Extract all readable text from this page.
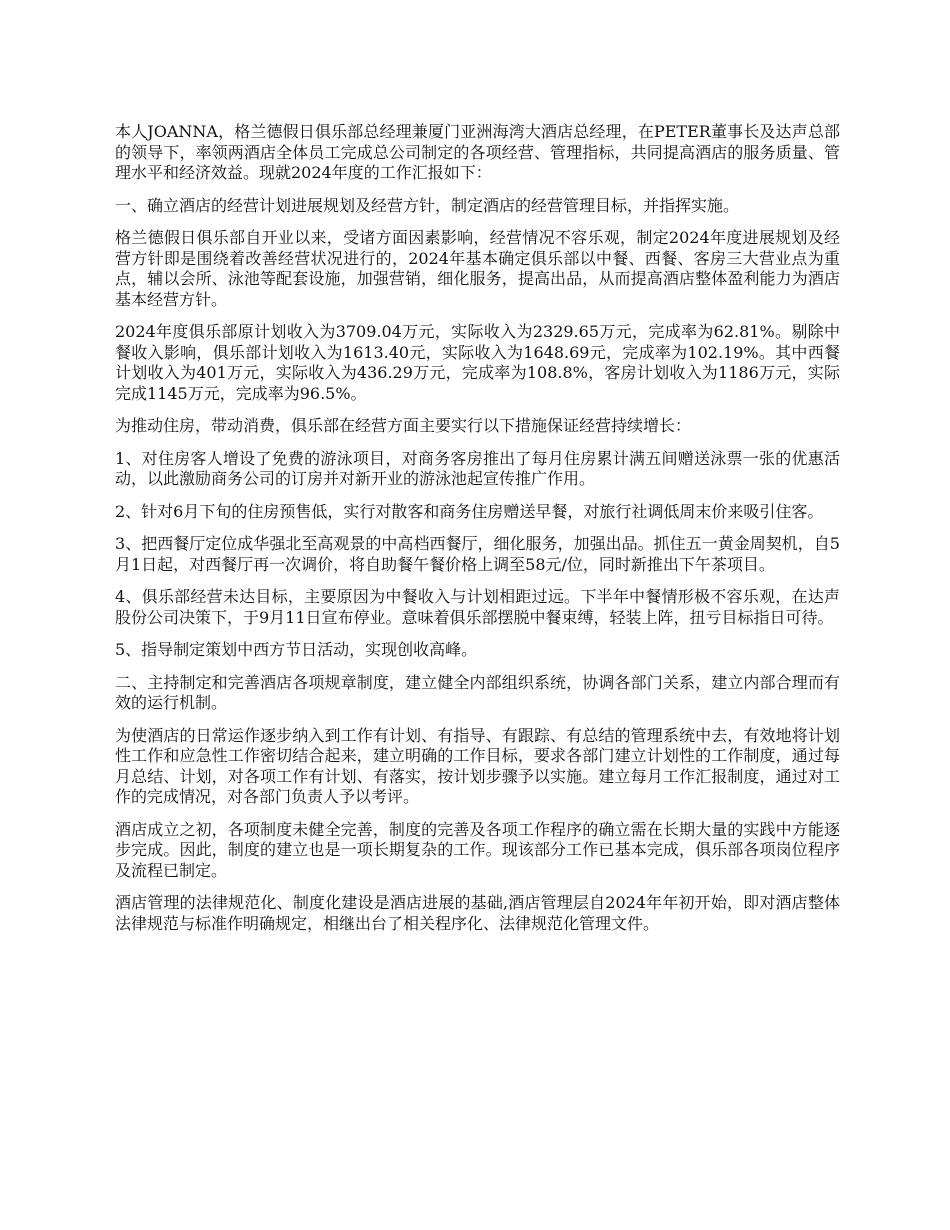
本人JOANNA，格兰德假日俱乐部总经理兼厦门亚洲海湾大酒店总经理，在PETER董事长及达声总部的领导下，率领两酒店全体员工完成总公司制定的各项经营、管理指标，共同提高酒店的服务质量、管理水平和经济效益。现就2024年度的工作汇报如下：

一、确立酒店的经营计划进展规划及经营方针，制定酒店的经营管理目标，并指挥实施。

格兰德假日俱乐部自开业以来，受诸方面因素影响，经营情况不容乐观，制定2024年度进展规划及经营方针即是围绕着改善经营状况进行的，2024年基本确定俱乐部以中餐、西餐、客房三大营业点为重点，辅以会所、泳池等配套设施，加强营销，细化服务，提高出品，从而提高酒店整体盈利能力为酒店基本经营方针。

2024年度俱乐部原计划收入为3709.04万元，实际收入为2329.65万元，完成率为62.81%。剔除中餐收入影响，俱乐部计划收入为1613.40元，实际收入为1648.69元，完成率为102.19%。其中西餐计划收入为401万元，实际收入为436.29万元，完成率为108.8%，客房计划收入为1186万元，实际完成1145万元，完成率为96.5%。

为推动住房，带动消费，俱乐部在经营方面主要实行以下措施保证经营持续增长：

1、对住房客人增设了免费的游泳项目，对商务客房推出了每月住房累计满五间赠送泳票一张的优惠活动，以此激励商务公司的订房并对新开业的游泳池起宣传推广作用。

2、针对6月下旬的住房预售低，实行对散客和商务住房赠送早餐，对旅行社调低周末价来吸引住客。

3、把西餐厅定位成华强北至高观景的中高档西餐厅，细化服务，加强出品。抓住五一黄金周契机，自5月1日起，对西餐厅再一次调价，将自助餐午餐价格上调至58元/位，同时新推出下午茶项目。

4、俱乐部经营未达目标，主要原因为中餐收入与计划相距过远。下半年中餐情形极不容乐观，在达声股份公司决策下，于9月11日宣布停业。意味着俱乐部摆脱中餐束缚，轻装上阵，扭亏目标指日可待。

5、指导制定策划中西方节日活动，实现创收高峰。

二、主持制定和完善酒店各项规章制度，建立健全内部组织系统，协调各部门关系，建立内部合理而有效的运行机制。

为使酒店的日常运作逐步纳入到工作有计划、有指导、有跟踪、有总结的管理系统中去，有效地将计划性工作和应急性工作密切结合起来，建立明确的工作目标，要求各部门建立计划性的工作制度，通过每月总结、计划，对各项工作有计划、有落实，按计划步骤予以实施。建立每月工作汇报制度，通过对工作的完成情况，对各部门负责人予以考评。

酒店成立之初，各项制度未健全完善，制度的完善及各项工作程序的确立需在长期大量的实践中方能逐步完成。因此，制度的建立也是一项长期复杂的工作。现该部分工作已基本完成，俱乐部各项岗位程序及流程已制定。

酒店管理的法律规范化、制度化建设是酒店进展的基础,酒店管理层自2024年年初开始，即对酒店整体法律规范与标准作明确规定，相继出台了相关程序化、法律规范化管理文件。
